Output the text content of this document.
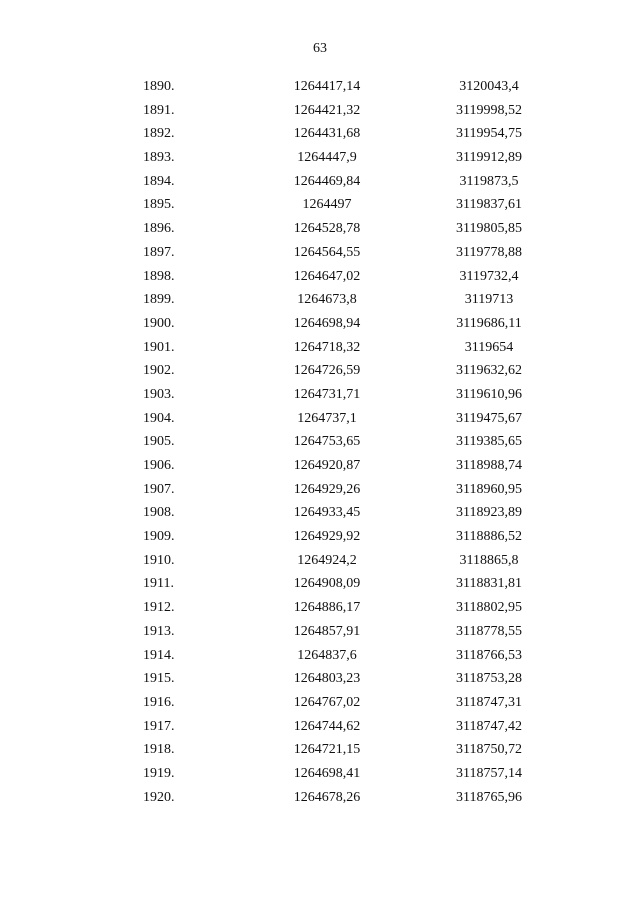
63
1890.	1264417,14	3120043,4
1891.	1264421,32	3119998,52
1892.	1264431,68	3119954,75
1893.	1264447,9	3119912,89
1894.	1264469,84	3119873,5
1895.	1264497	3119837,61
1896.	1264528,78	3119805,85
1897.	1264564,55	3119778,88
1898.	1264647,02	3119732,4
1899.	1264673,8	3119713
1900.	1264698,94	3119686,11
1901.	1264718,32	3119654
1902.	1264726,59	3119632,62
1903.	1264731,71	3119610,96
1904.	1264737,1	3119475,67
1905.	1264753,65	3119385,65
1906.	1264920,87	3118988,74
1907.	1264929,26	3118960,95
1908.	1264933,45	3118923,89
1909.	1264929,92	3118886,52
1910.	1264924,2	3118865,8
1911.	1264908,09	3118831,81
1912.	1264886,17	3118802,95
1913.	1264857,91	3118778,55
1914.	1264837,6	3118766,53
1915.	1264803,23	3118753,28
1916.	1264767,02	3118747,31
1917.	1264744,62	3118747,42
1918.	1264721,15	3118750,72
1919.	1264698,41	3118757,14
1920.	1264678,26	3118765,96
